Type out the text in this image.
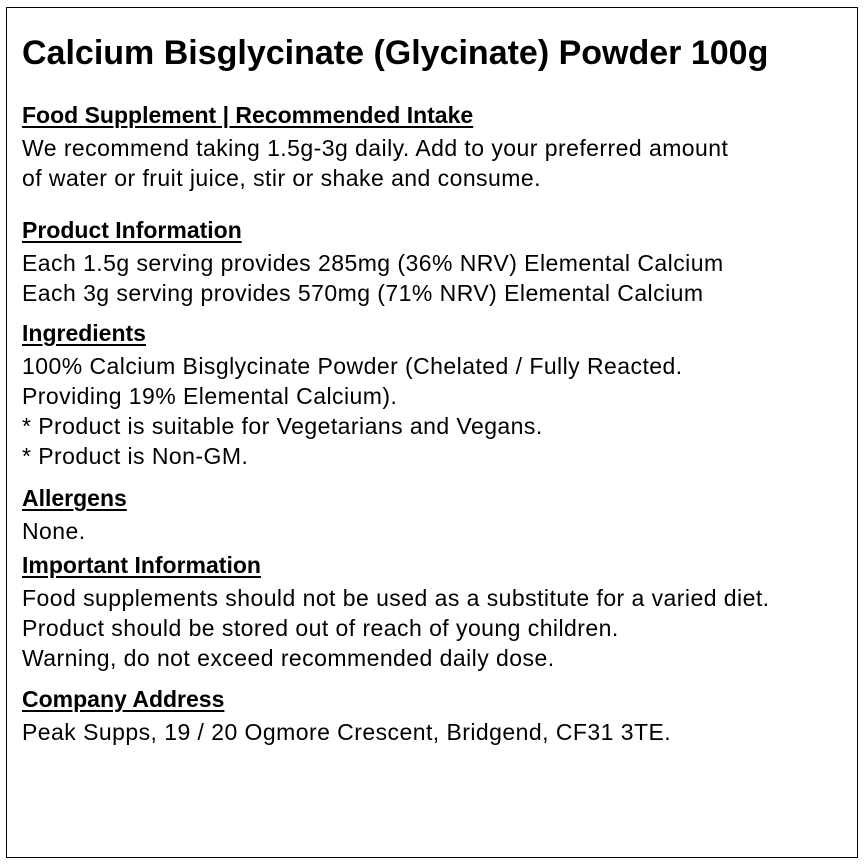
Calcium Bisglycinate (Glycinate) Powder 100g
Food Supplement | Recommended Intake

We recommend taking 1.5g-3g daily. Add to your preferred amount

of water or fruit juice, stir or shake and consume.

Product Information

Each 1.5g serving provides 285mg (36% NRV) Elemental Calcium

Each 3g serving provides 570mg (71% NRV) Elemental Calcium

Ingredients

100% Calcium Bisglycinate Powder (Chelated / Fully Reacted.

Providing 19% Elemental Calcium).

* Product is suitable for Vegetarians and Vegans.

* Product is Non-GM.

Allergens

None.

Important Information

Food supplements should not be used as a substitute for a varied diet.

Product should be stored out of reach of young children.

Warning, do not exceed recommended daily dose.

Company Address

Peak Supps, 19 / 20 Ogmore Crescent, Bridgend, CF31 3TE.
